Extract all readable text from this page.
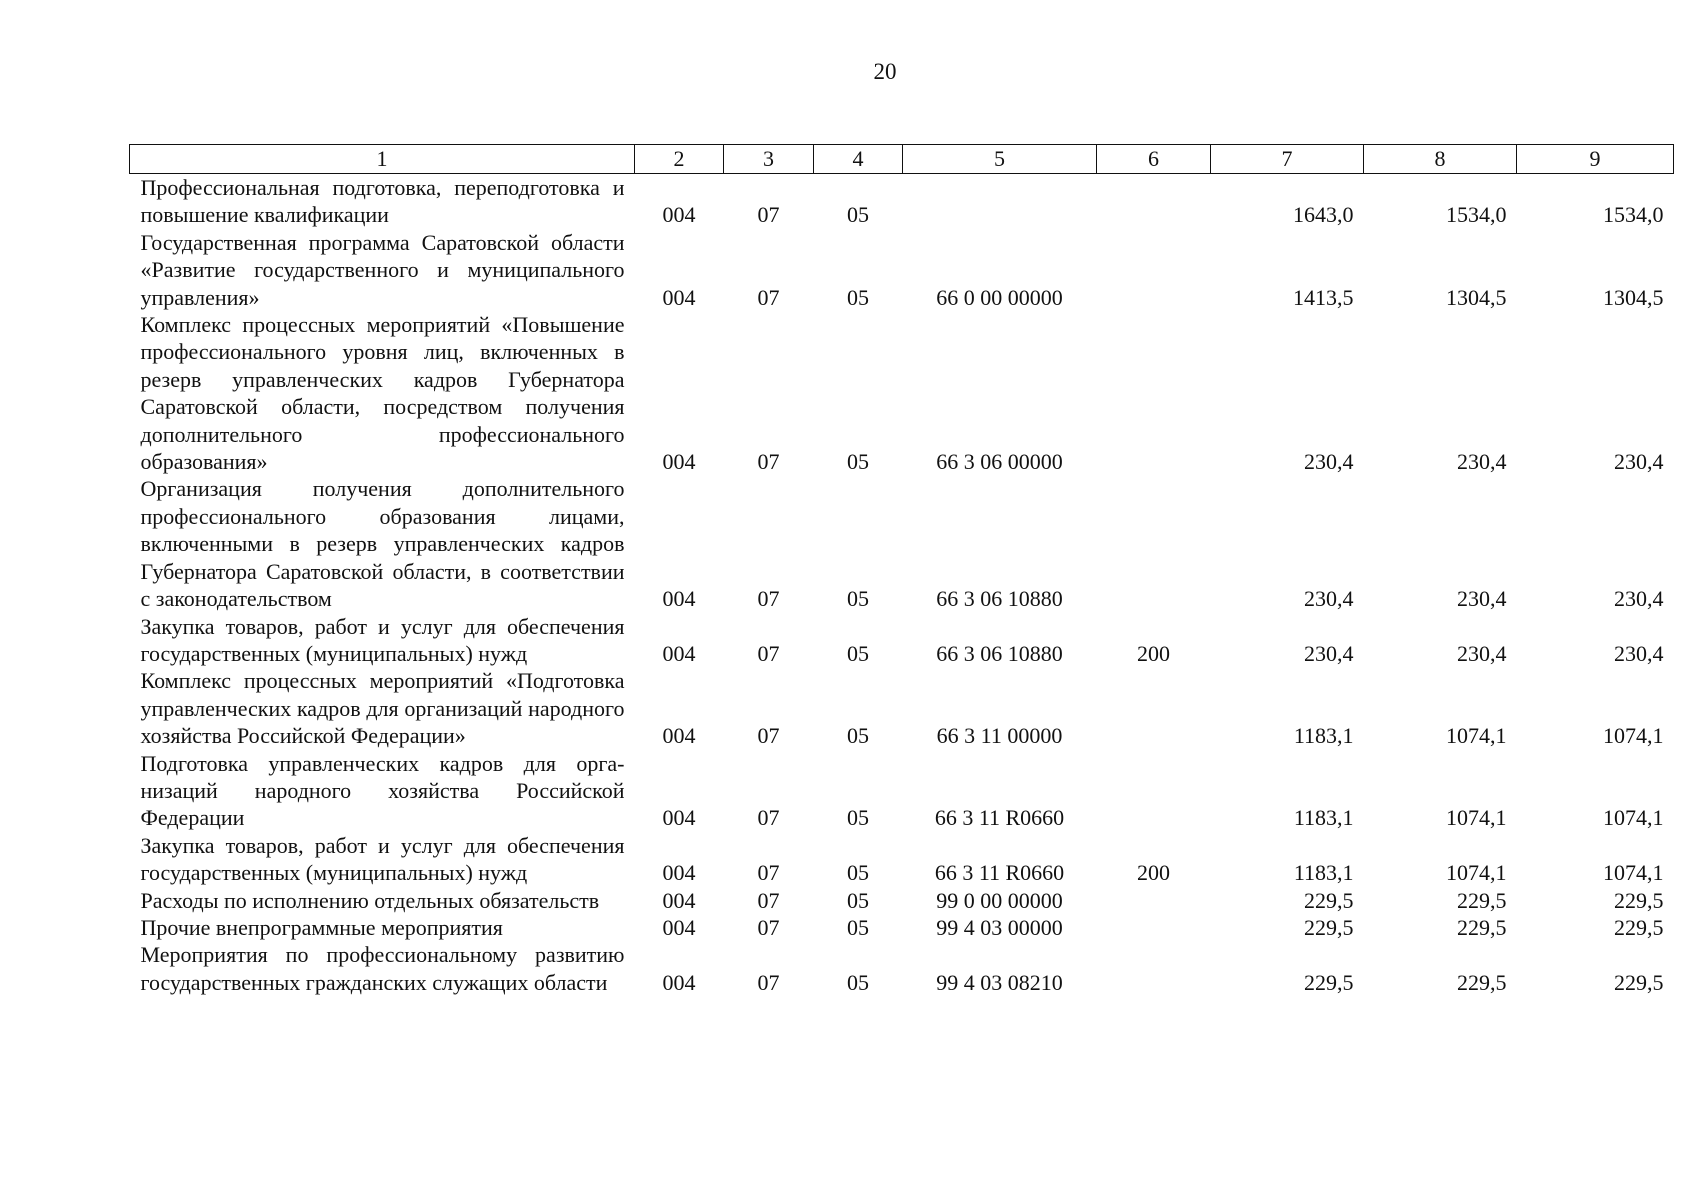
20
1	2	3	4	5	6	7	8	9
Профессиональная подготовка, переподготовка и повышение квалификации	004	07	05			1643,0	1534,0	1534,0
Государственная программа Саратовской области «Развитие государственного и муниципального управления»	004	07	05	66 0 00 00000		1413,5	1304,5	1304,5
Комплекс процессных мероприятий «Повышение профессионального уровня лиц, включенных в резерв управленческих кадров Губернатора Саратовской области, посредством получения дополнительного профессионального образования»	004	07	05	66 3 06 00000		230,4	230,4	230,4
Организация получения дополнительного профессионального образования лицами, включенными в резерв управленческих кадров Губернатора Саратовской области, в соответствии с законодательством	004	07	05	66 3 06 10880		230,4	230,4	230,4
Закупка товаров, работ и услуг для обеспечения государственных (муниципальных) нужд	004	07	05	66 3 06 10880	200	230,4	230,4	230,4
Комплекс процессных мероприятий «Подготовка управленческих кадров для организаций народного хозяйства Российской Федерации»	004	07	05	66 3 11 00000		1183,1	1074,1	1074,1
Подготовка управленческих кадров для организаций народного хозяйства Российской Федерации	004	07	05	66 3 11 R0660		1183,1	1074,1	1074,1
Закупка товаров, работ и услуг для обеспечения государственных (муниципальных) нужд	004	07	05	66 3 11 R0660	200	1183,1	1074,1	1074,1
Расходы по исполнению отдельных обязательств	004	07	05	99 0 00 00000		229,5	229,5	229,5
Прочие внепрограммные мероприятия	004	07	05	99 4 03 00000		229,5	229,5	229,5
Мероприятия по профессиональному развитию государственных гражданских служащих области	004	07	05	99 4 03 08210		229,5	229,5	229,5
